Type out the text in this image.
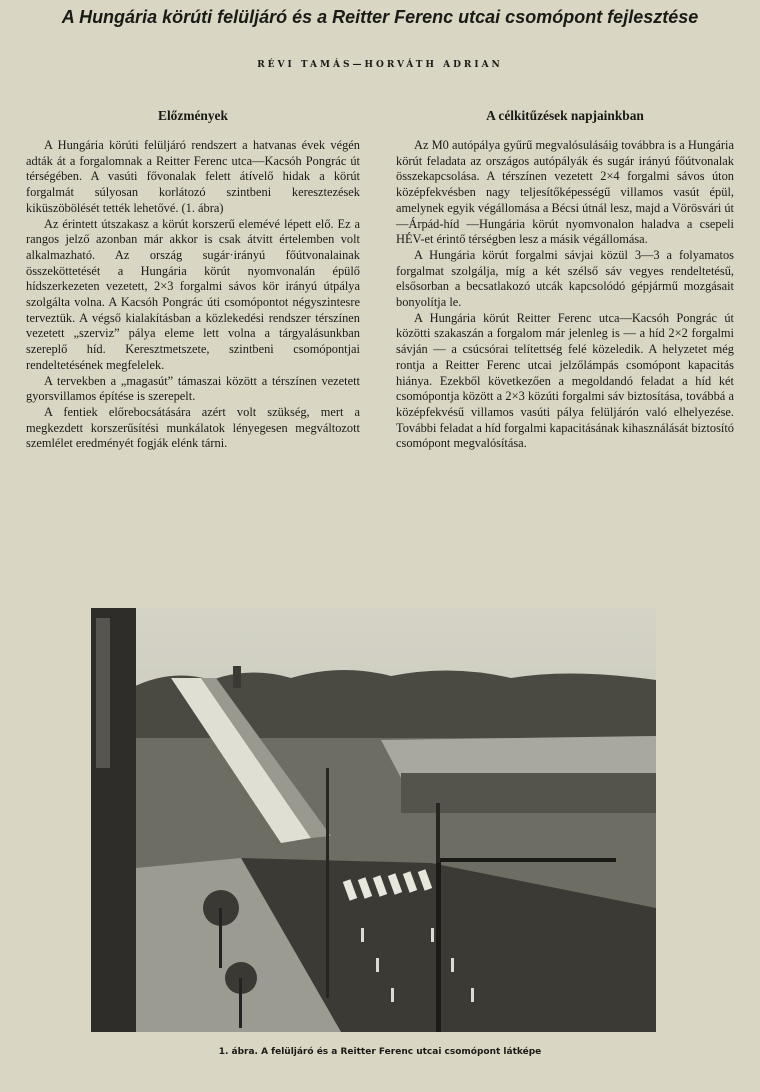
A Hungária körúti felüljáró és a Reitter Ferenc utcai csomópont fejlesztése
RÉVI TAMÁS—HORVÁTH ADRIAN
Előzmények

A Hungária körúti felüljáró rendszert a hatvanas évek végén adták át a forgalomnak a Reitter Ferenc utca—Kacsóh Pongrác út térségében. A vasúti fővonalak felett átívelő hidak a körút forgalmát súlyosan korlátozó szintbeni keresztezések kiküszöbölését tették lehetővé. (1. ábra)

Az érintett útszakasz a körút korszerű elemévé lépett elő. Ez a rangos jelző azonban már akkor is csak átvitt értelemben volt alkalmazható. Az ország sugár·irányú főútvonalainak összeköttetését a Hungária körút nyomvonalán épülő hídszerkezeten vezetett, 2×3 forgalmi sávos kör irányú útpálya szolgálta volna. A Kacsóh Pongrác úti csomópontot négyszintesre terveztük. A végső kialakításban a közlekedési rendszer térszínen vezetett „szerviz” pálya eleme lett volna a tárgyalásunkban szereplő híd. Keresztmetszete, szintbeni csomópontjai rendeltetésének megfelelek.

A tervekben a „magasút” támaszai között a térszínen vezetett gyorsvillamos építése is szerepelt.

A fentiek előrebocsátására azért volt szükség, mert a megkezdett korszerűsítési munkálatok lényegesen megváltozott szemlélet eredményét fogják elénk tárni.

A célkitűzések napjainkban

Az M0 autópálya gyűrű megvalósulásáig továbbra is a Hungária körút feladata az országos autópályák és sugár irányú főútvonalak összekapcsolása. A térszínen vezetett 2×4 forgalmi sávos úton középfekvésben nagy teljesítőképességű villamos vasút épül, amelynek egyik végállomása a Bécsi útnál lesz, majd a Vörösvári út—Árpád-híd —Hungária körút nyomvonalon haladva a csepeli HÉV-et érintő térségben lesz a másik végállomása.

A Hungária körút forgalmi sávjai közül 3—3 a folyamatos forgalmat szolgálja, míg a két szélső sáv vegyes rendeltetésű, elsősorban a becsatlakozó utcák kapcsolódó gépjármű mozgásait bonyolítja le.

A Hungária körút Reitter Ferenc utca—Kacsóh Pongrác út közötti szakaszán a forgalom már jelenleg is — a híd 2×2 forgalmi sávján — a csúcsórai telítettség felé közeledik. A helyzetet még rontja a Reitter Ferenc utcai jelzőlámpás csomópont kapacitás hiánya. Ezekből következően a megoldandó feladat a híd két csomópontja között a 2×3 közúti forgalmi sáv biztosítása, továbbá a középfekvésű villamos vasúti pálya felüljárón való elhelyezése. További feladat a híd forgalmi kapacitásának kihasználását biztosító csomópont megvalósítása.

1. ábra. A felüljáró és a Reitter Ferenc utcai csomópont látképe
